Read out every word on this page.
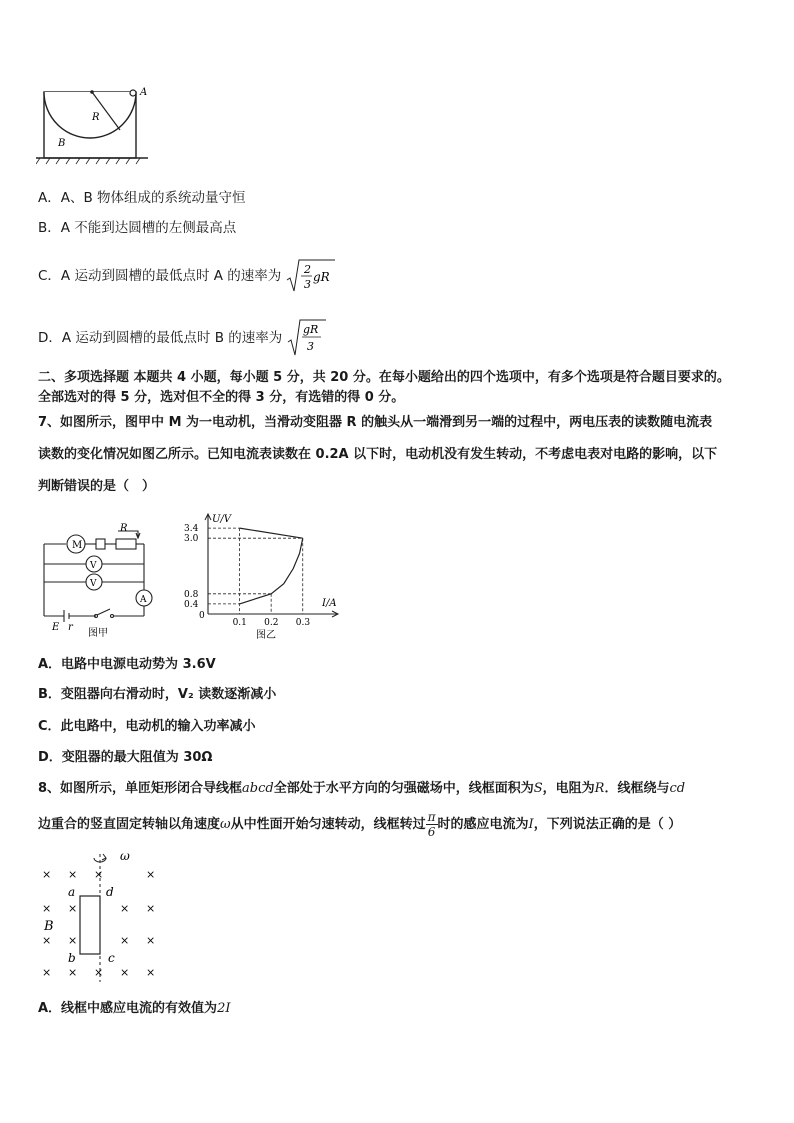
A
R
B
A．A、B 物体组成的系统动量守恒
B．A 不能到达圆槽的左侧最高点
C．A 运动到圆槽的最低点时 A 的速率为 2
3
gR
D．A 运动到圆槽的最低点时 B 的速率为
gR
3
二、多项选择题 本题共 4 小题，每小题 5 分，共 20 分。在每小题给出的四个选项中，有多个选项是符合题目要求的。
全部选对的得 5 分，选对但不全的得 3 分，有选错的得 0 分。
7、如图所示，图甲中 M 为一电动机，当滑动变阻器 R 的触头从一端滑到另一端的过程中，两电压表的读数随电流表
读数的变化情况如图乙所示。已知电流表读数在 0.2A 以下时，电动机没有发生转动，不考虑电表对电路的影响，以下
判断错误的是（　）
M
R
V
V
A
E r
图甲
U/V
I/A
0
0.1 0.2 0.3
3.4
3.0
0.8
0.4
图乙
A．电路中电源电动势为 3.6V
B．变阻器向右滑动时，V₂ 读数逐渐减小
C．此电路中，电动机的输入功率减小
D．变阻器的最大阻值为 30Ω
8、如图所示，单匝矩形闭合导线框abcd全部处于水平方向的匀强磁场中，线框面积为S，电阻为R．线框绕与cd
边重合的竖直固定转轴以角速度ω从中性面开始匀速转动，线框转过 $\frac{\pi}{6}$ 时的感应电流为I，下列说法正确的是（ ）
ω
a	d
b	c
B
× × ×	×
× ×	× ×
× ×	× ×
× × × × ×
A．线框中感应电流的有效值为2I
